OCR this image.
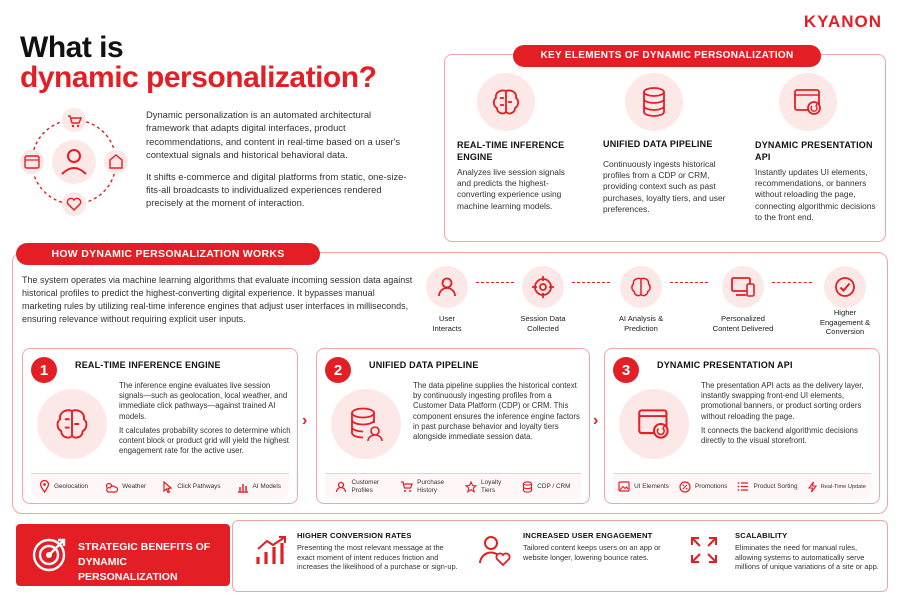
KYANON
What is
dynamic personalization?

Dynamic personalization is an automated architectural framework that adapts digital interfaces, product recommendations, and content in real-time based on a user's contextual signals and historical behavioral data.

It shifts e-commerce and digital platforms from static, one-size-fits-all broadcasts to individualized experiences rendered precisely at the moment of interaction.

KEY ELEMENTS OF DYNAMIC PERSONALIZATION
REAL-TIME INFERENCE ENGINE
Analyzes live session signals and predicts the highest-converting experience using machine learning models.
UNIFIED DATA PIPELINE
Continuously ingests historical profiles from a CDP or CRM, providing context such as past purchases, loyalty tiers, and user preferences.
DYNAMIC PRESENTATION API
Instantly updates UI elements, recommendations, or banners without reloading the page, connecting algorithmic decisions to the front end.
HOW DYNAMIC PERSONALIZATION WORKS
The system operates via machine learning algorithms that evaluate incoming session data against historical profiles to predict the highest-converting digital experience. It bypasses manual marketing rules by utilizing real-time inference engines that adjust user interfaces in milliseconds, ensuring relevance without requiring explicit user inputs.	User
Interacts
Session Data
Collected
AI Analysis &
Prediction
Personalized
Content Delivered
Higher
Engagement &
Conversion
1	REAL-TIME INFERENCE ENGINE

The inference engine evaluates live session signals—such as geolocation, local weather, and immediate click pathways—against trained AI models.

It calculates probability scores to determine which content block or product grid will yield the highest engagement rate for the active user.

Geolocation	Weather	Click Pathways	AI Models
›
2	UNIFIED DATA PIPELINE

The data pipeline supplies the historical context by continuously ingesting profiles from a Customer Data Platform (CDP) or CRM. This component ensures the inference engine factors in past purchase behavior and loyalty tiers alongside immediate session data.

Customer
Profiles
Purchase
History
Loyalty
Tiers	CDP / CRM
›
3	DYNAMIC PRESENTATION API

The presentation API acts as the delivery layer, instantly swapping front-end UI elements, promotional banners, or product sorting orders without reloading the page.

It connects the backend algorithmic decisions directly to the visual storefront.

UI Elements	Promotions	Product Sorting	Real-Time Update
STRATEGIC BENEFITS OF DYNAMIC PERSONALIZATION
HIGHER CONVERSION RATES
Presenting the most relevant message at the exact moment of intent reduces friction and increases the likelihood of a purchase or sign-up.
INCREASED USER ENGAGEMENT
Tailored content keeps users on an app or website longer, lowering bounce rates.
SCALABILITY
Eliminates the need for manual rules, allowing systems to automatically serve millions of unique variations of a site or app.
